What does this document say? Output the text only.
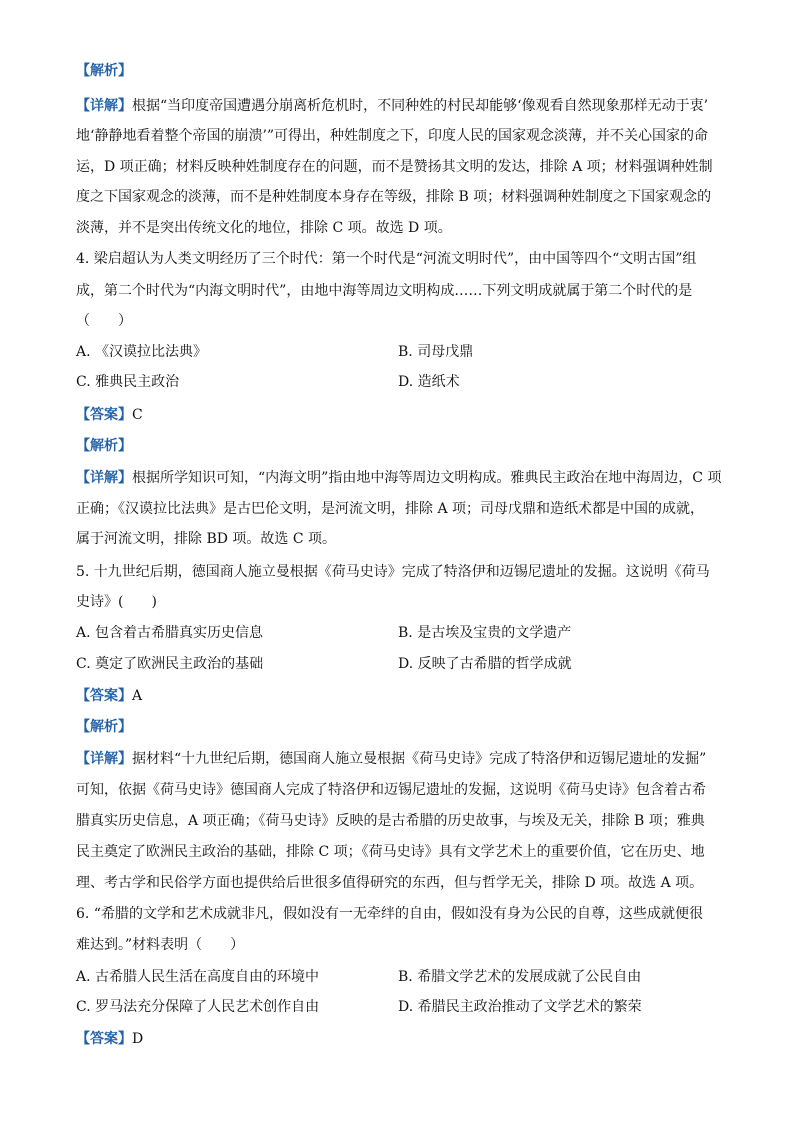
【解析】
【详解】根据“当印度帝国遭遇分崩离析危机时，不同种姓的村民却能够‘像观看自然现象那样无动于衷’
地‘静静地看着整个帝国的崩溃’”可得出，种姓制度之下，印度人民的国家观念淡薄，并不关心国家的命
运，D 项正确；材料反映种姓制度存在的问题，而不是赞扬其文明的发达，排除 A 项；材料强调种姓制
度之下国家观念的淡薄，而不是种姓制度本身存在等级，排除 B 项；材料强调种姓制度之下国家观念的
淡薄，并不是突出传统文化的地位，排除 C 项。故选 D 项。
4. 梁启超认为人类文明经历了三个时代：第一个时代是“河流文明时代”，由中国等四个“文明古国”组
成，第二个时代为“内海文明时代”，由地中海等周边文明构成……下列文明成就属于第二个时代的是
（　　）
A. 《汉谟拉比法典》	B. 司母戊鼎
C. 雅典民主政治	D. 造纸术
【答案】C
【解析】
【详解】根据所学知识可知，“内海文明”指由地中海等周边文明构成。雅典民主政治在地中海周边，C 项
正确；《汉谟拉比法典》是古巴伦文明，是河流文明，排除 A 项；司母戊鼎和造纸术都是中国的成就，
属于河流文明，排除 BD 项。故选 C 项。
5. 十九世纪后期，德国商人施立曼根据《荷马史诗》完成了特洛伊和迈锡尼遗址的发掘。这说明《荷马
史诗》(　　)
A. 包含着古希腊真实历史信息	B. 是古埃及宝贵的文学遗产
C. 奠定了欧洲民主政治的基础	D. 反映了古希腊的哲学成就
【答案】A
【解析】
【详解】据材料“十九世纪后期，德国商人施立曼根据《荷马史诗》完成了特洛伊和迈锡尼遗址的发掘”
可知，依据《荷马史诗》德国商人完成了特洛伊和迈锡尼遗址的发掘，这说明《荷马史诗》包含着古希
腊真实历史信息，A 项正确；《荷马史诗》反映的是古希腊的历史故事，与埃及无关，排除 B 项；雅典
民主奠定了欧洲民主政治的基础，排除 C 项；《荷马史诗》具有文学艺术上的重要价值，它在历史、地
理、考古学和民俗学方面也提供给后世很多值得研究的东西，但与哲学无关，排除 D 项。故选 A 项。
6. “希腊的文学和艺术成就非凡，假如没有一无牵绊的自由，假如没有身为公民的自尊，这些成就便很
难达到。”材料表明（　　）
A. 古希腊人民生活在高度自由的环境中	B. 希腊文学艺术的发展成就了公民自由
C. 罗马法充分保障了人民艺术创作自由	D. 希腊民主政治推动了文学艺术的繁荣
【答案】D
